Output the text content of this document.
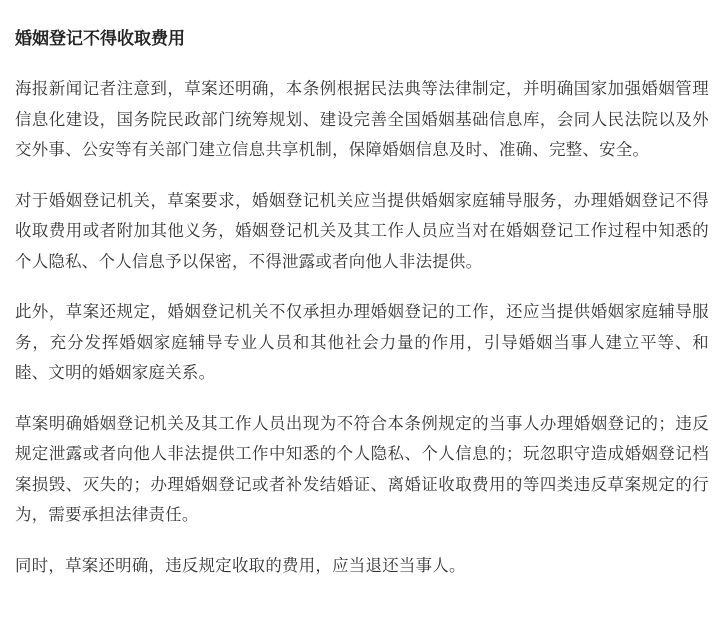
婚姻登记不得收取费用

海报新闻记者注意到，草案还明确，本条例根据民法典等法律制定，并明确国家加强婚姻管理信息化建设，国务院民政部门统筹规划、建设完善全国婚姻基础信息库，会同人民法院以及外交外事、公安等有关部门建立信息共享机制，保障婚姻信息及时、准确、完整、安全。

对于婚姻登记机关，草案要求，婚姻登记机关应当提供婚姻家庭辅导服务，办理婚姻登记不得收取费用或者附加其他义务，婚姻登记机关及其工作人员应当对在婚姻登记工作过程中知悉的个人隐私、个人信息予以保密，不得泄露或者向他人非法提供。

此外，草案还规定，婚姻登记机关不仅承担办理婚姻登记的工作，还应当提供婚姻家庭辅导服务，充分发挥婚姻家庭辅导专业人员和其他社会力量的作用，引导婚姻当事人建立平等、和睦、文明的婚姻家庭关系。

草案明确婚姻登记机关及其工作人员出现为不符合本条例规定的当事人办理婚姻登记的；违反规定泄露或者向他人非法提供工作中知悉的个人隐私、个人信息的；玩忽职守造成婚姻登记档案损毁、灭失的；办理婚姻登记或者补发结婚证、离婚证收取费用的等四类违反草案规定的行为，需要承担法律责任。

同时，草案还明确，违反规定收取的费用，应当退还当事人。
